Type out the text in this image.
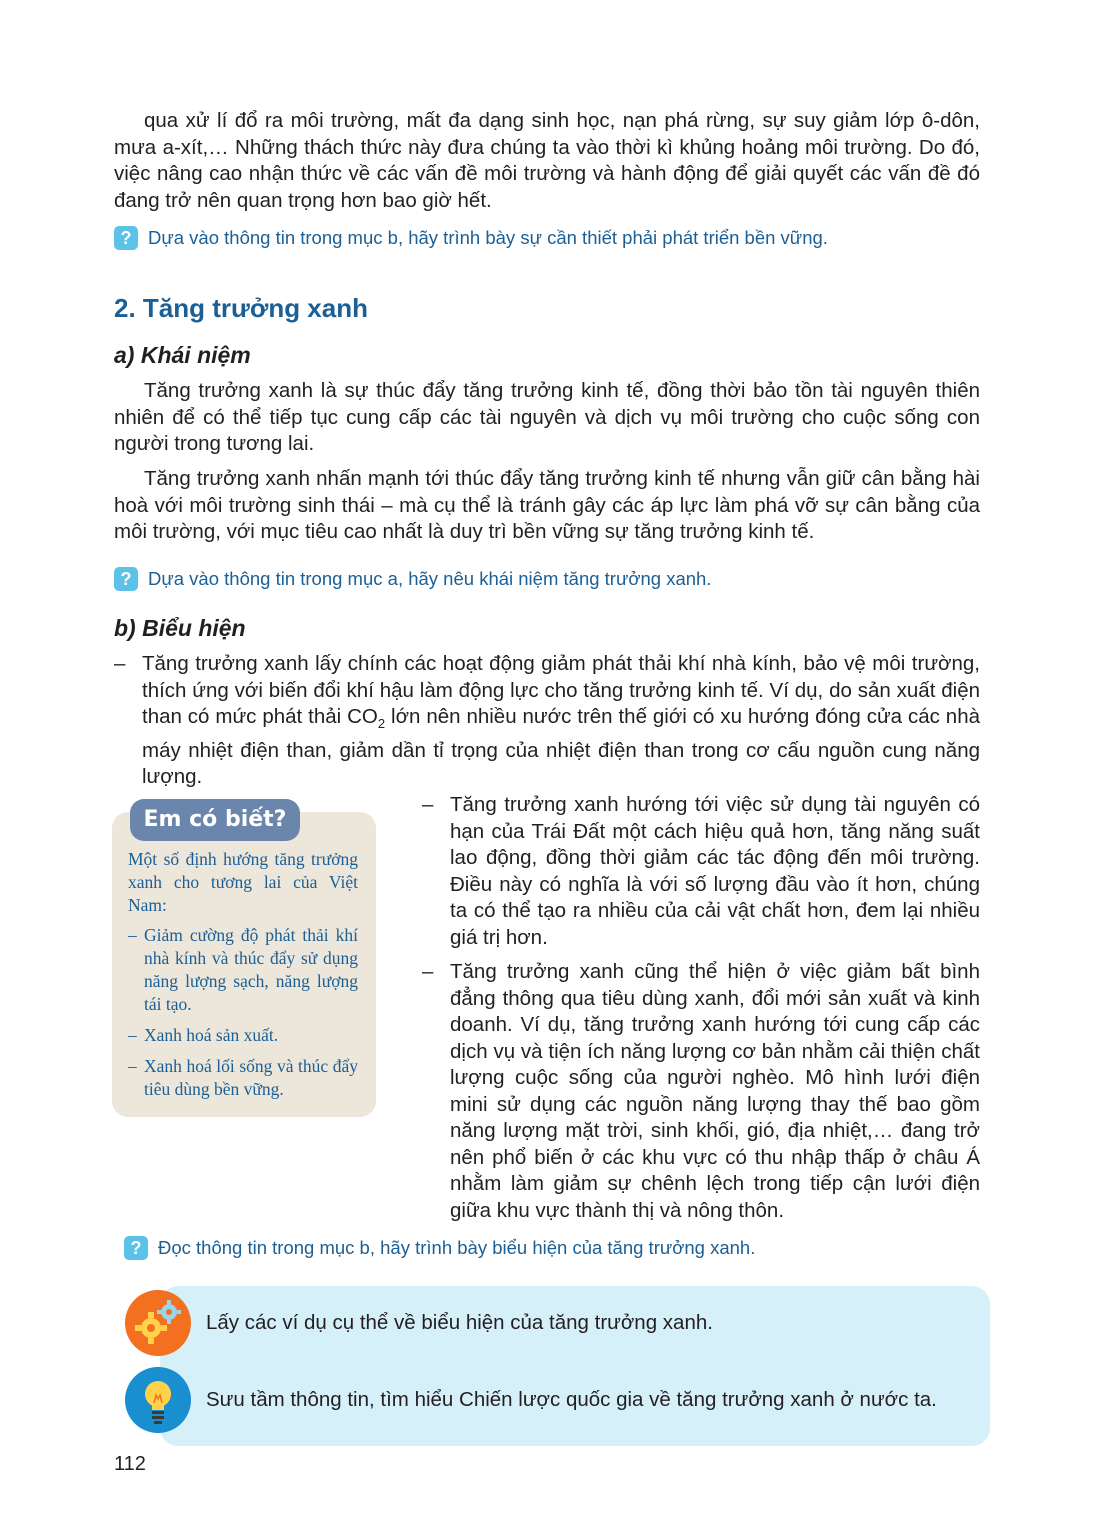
qua xử lí đổ ra môi trường, mất đa dạng sinh học, nạn phá rừng, sự suy giảm lớp ô-dôn, mưa a-xít,… Những thách thức này đưa chúng ta vào thời kì khủng hoảng môi trường. Do đó, việc nâng cao nhận thức về các vấn đề môi trường và hành động để giải quyết các vấn đề đó đang trở nên quan trọng hơn bao giờ hết.

? Dựa vào thông tin trong mục b, hãy trình bày sự cần thiết phải phát triển bền vững.
2. Tăng trưởng xanh
a) Khái niệm

Tăng trưởng xanh là sự thúc đẩy tăng trưởng kinh tế, đồng thời bảo tồn tài nguyên thiên nhiên để có thể tiếp tục cung cấp các tài nguyên và dịch vụ môi trường cho cuộc sống con người trong tương lai.

Tăng trưởng xanh nhấn mạnh tới thúc đẩy tăng trưởng kinh tế nhưng vẫn giữ cân bằng hài hoà với môi trường sinh thái – mà cụ thể là tránh gây các áp lực làm phá vỡ sự cân bằng của môi trường, với mục tiêu cao nhất là duy trì bền vững sự tăng trưởng kinh tế.

? Dựa vào thông tin trong mục a, hãy nêu khái niệm tăng trưởng xanh.
b) Biểu hiện
– Tăng trưởng xanh lấy chính các hoạt động giảm phát thải khí nhà kính, bảo vệ môi trường, thích ứng với biến đổi khí hậu làm động lực cho tăng trưởng kinh tế. Ví dụ, do sản xuất điện than có mức phát thải $CO_2$ lớn nên nhiều nước trên thế giới có xu hướng đóng cửa các nhà máy nhiệt điện than, giảm dần tỉ trọng của nhiệt điện than trong cơ cấu nguồn cung năng lượng.
Em có biết?

Một số định hướng tăng trưởng xanh cho tương lai của Việt Nam:

– Giảm cường độ phát thải khí nhà kính và thúc đẩy sử dụng năng lượng sạch, năng lượng tái tạo.
– Xanh hoá sản xuất.
– Xanh hoá lối sống và thúc đẩy tiêu dùng bền vững.
– Tăng trưởng xanh hướng tới việc sử dụng tài nguyên có hạn của Trái Đất một cách hiệu quả hơn, tăng năng suất lao động, đồng thời giảm các tác động đến môi trường. Điều này có nghĩa là với số lượng đầu vào ít hơn, chúng ta có thể tạo ra nhiều của cải vật chất hơn, đem lại nhiều giá trị hơn.
– Tăng trưởng xanh cũng thể hiện ở việc giảm bất bình đẳng thông qua tiêu dùng xanh, đổi mới sản xuất và kinh doanh. Ví dụ, tăng trưởng xanh hướng tới cung cấp các dịch vụ và tiện ích năng lượng cơ bản nhằm cải thiện chất lượng cuộc sống của người nghèo. Mô hình lưới điện mini sử dụng các nguồn năng lượng thay thế bao gồm năng lượng mặt trời, sinh khối, gió, địa nhiệt,… đang trở nên phổ biến ở các khu vực có thu nhập thấp ở châu Á nhằm làm giảm sự chênh lệch trong tiếp cận lưới điện giữa khu vực thành thị và nông thôn.
? Đọc thông tin trong mục b, hãy trình bày biểu hiện của tăng trưởng xanh.
Lấy các ví dụ cụ thể về biểu hiện của tăng trưởng xanh.
Sưu tầm thông tin, tìm hiểu Chiến lược quốc gia về tăng trưởng xanh ở nước ta.
112
